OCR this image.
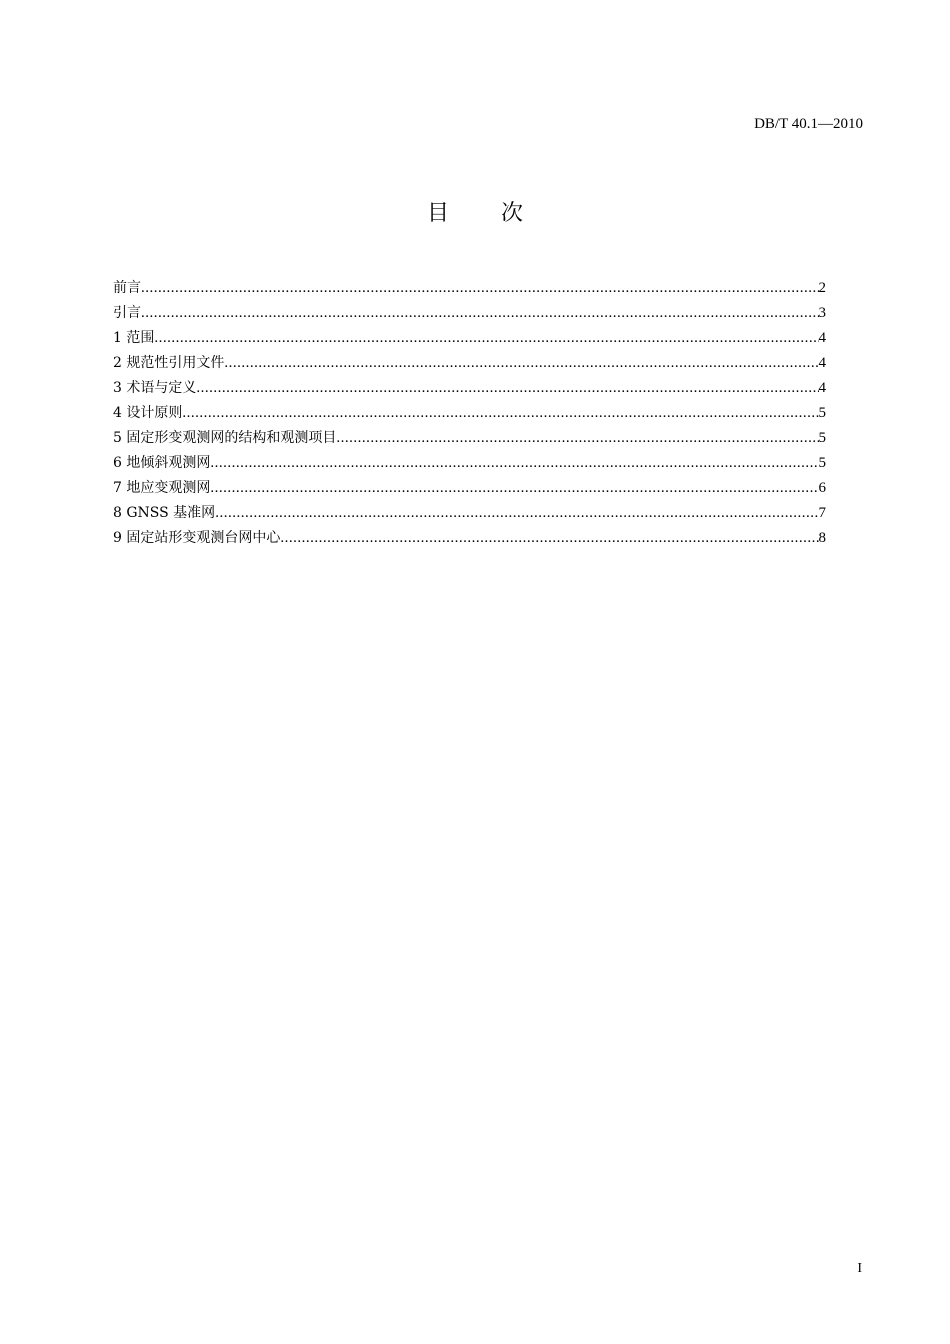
DB/T 40.1—2010
目 次
前言 .....	2
引言 .....	3
1 范围 .....	4
2 规范性引用文件 .....	4
3 术语与定义 .....	4
4 设计原则 .....	5
5 固定形变观测网的结构和观测项目 .....	5
6 地倾斜观测网 .....	5
7 地应变观测网 .....	6
8 GNSS 基准网 .....	7
9 固定站形变观测台网中心 .....	8
I
